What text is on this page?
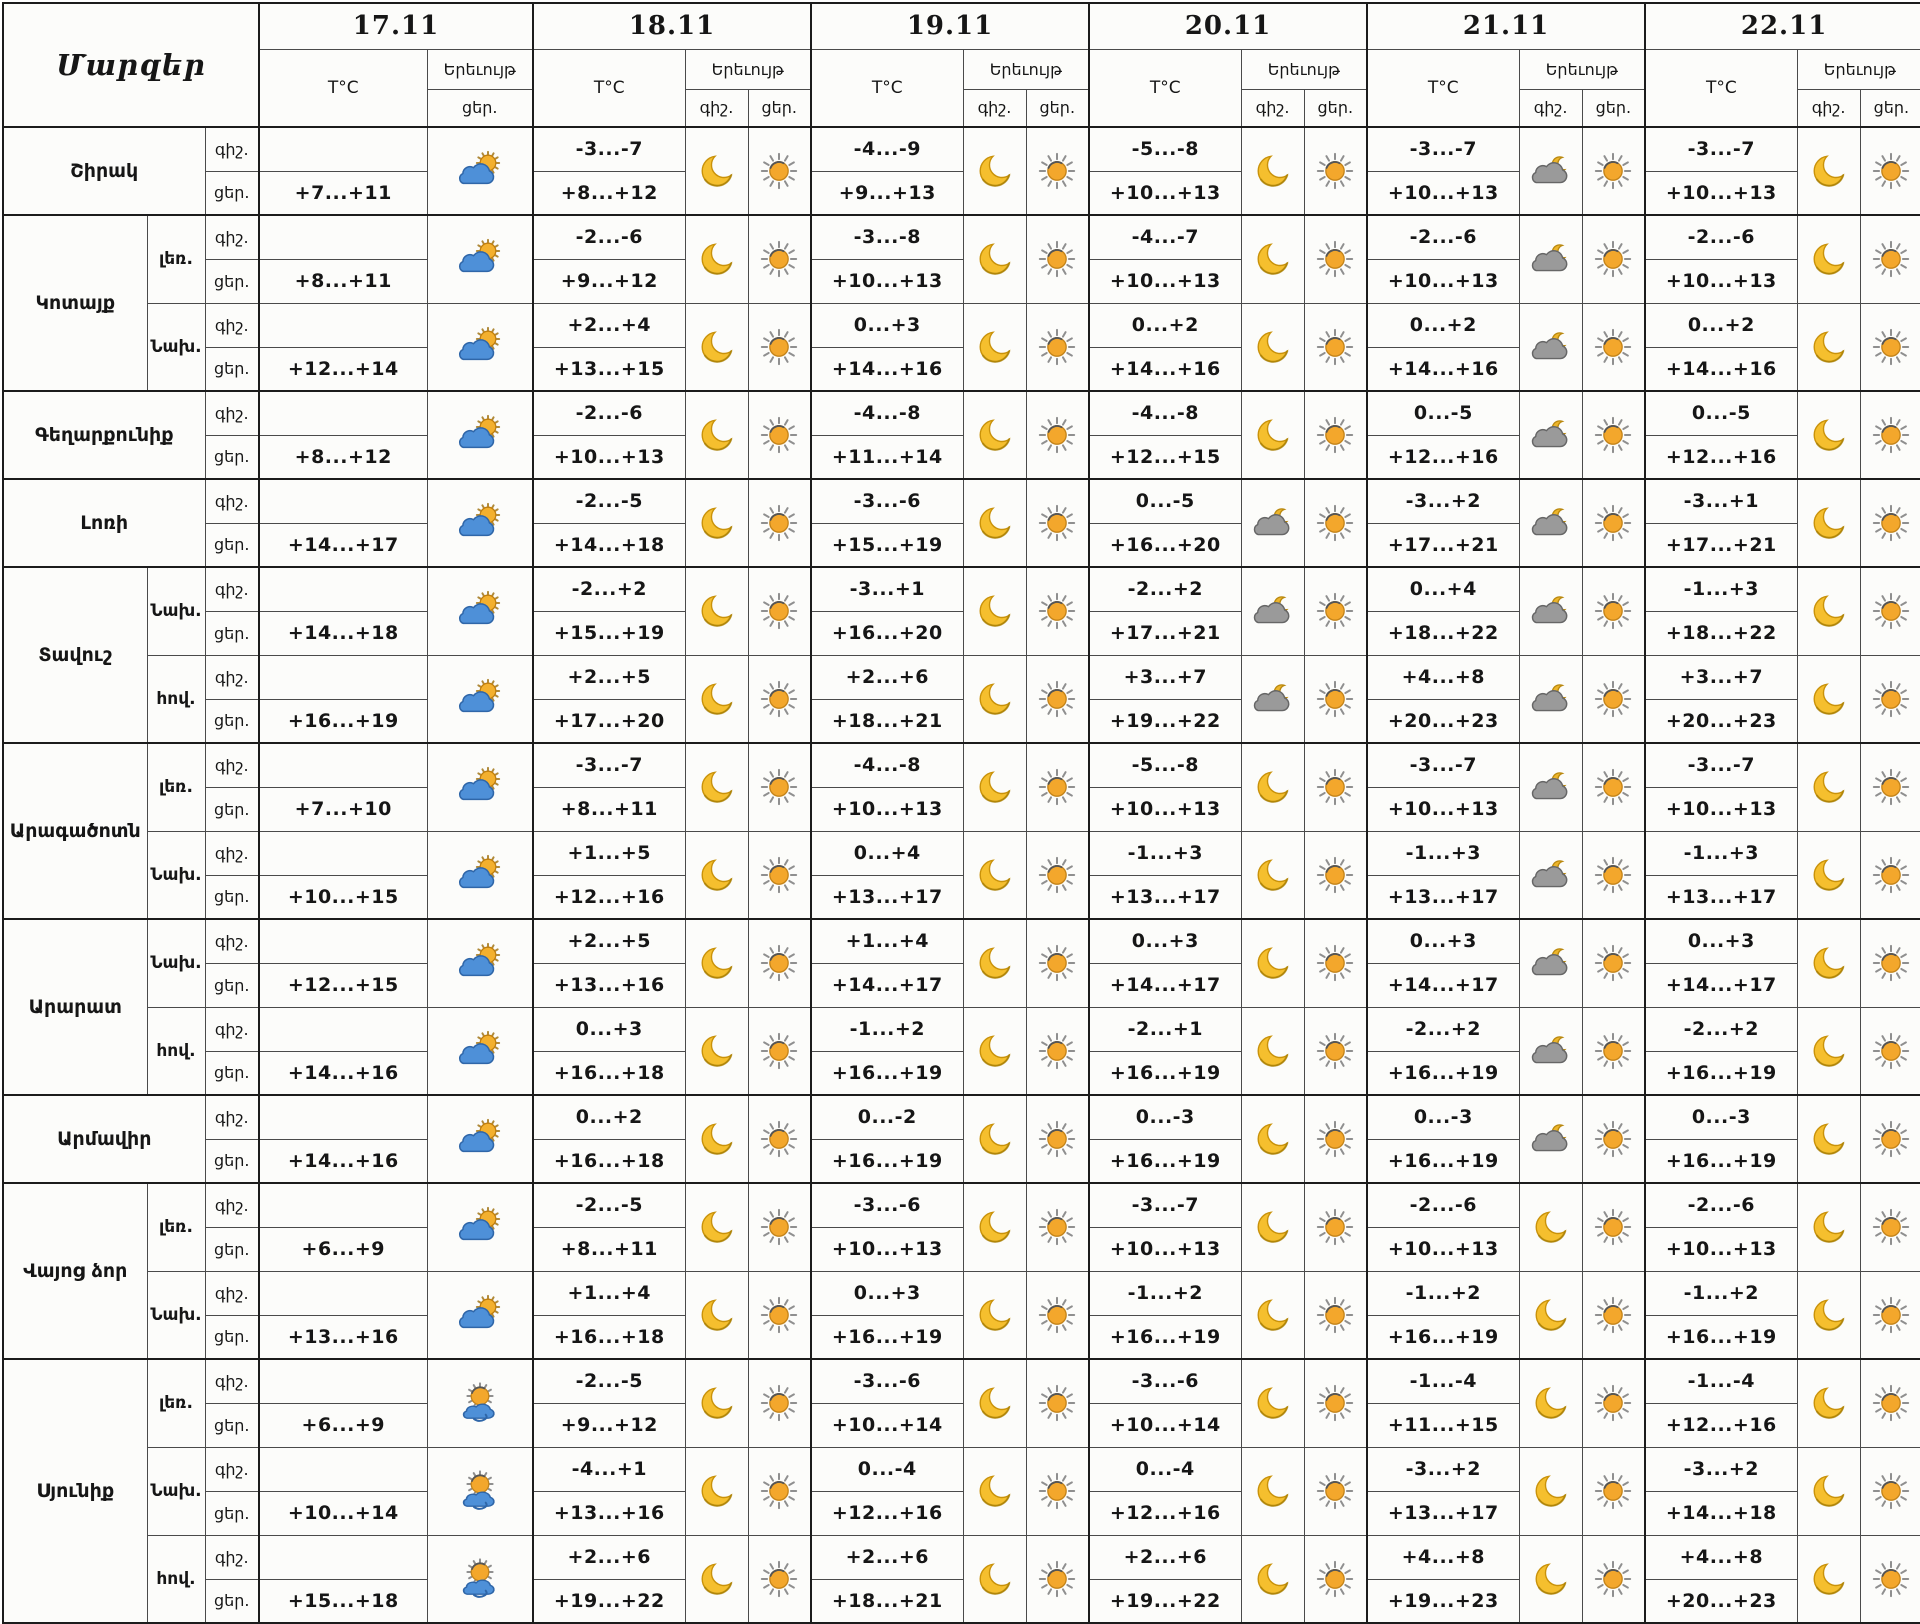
Մարզեր			17.11		18.11			19.11			20.11			21.11			22.11		
			T°C	Երեւույթ	T°C	Երեւույթ		T°C	Երեւույթ		T°C	Երեւույթ		T°C	Երեւույթ		T°C	Երեւույթ	
				ցեր.		գիշ.	ցեր.		գիշ.	ցեր.		գիշ.	ցեր.		գիշ.	ցեր.		գիշ.	ցեր.
Շիրակ		գիշ.			-3...-7			-4...-9			-5...-8			-3...-7			-3...-7	

		ցեր.	+7...+11		+8...+12			+9...+13			+10...+13			+10...+13			+10...+13		
Կոտայք	լեռ.	գիշ.			-2...-6			-3...-8			-4...-7			-2...-6			-2...-6	

		ցեր.	+8...+11		+9...+12			+10...+13			+10...+13			+10...+13			+10...+13		
	Նախ.	գիշ.			+2...+4			0...+3			0...+2			0...+2			0...+2	

		ցեր.	+12...+14		+13...+15			+14...+16			+14...+16			+14...+16			+14...+16		
Գեղարքունիք		գիշ.			-2...-6			-4...-8			-4...-8			0...-5			0...-5	

		ցեր.	+8...+12		+10...+13			+11...+14			+12...+15			+12...+16			+12...+16		
Լոռի		գիշ.			-2...-5			-3...-6			0...-5			-3...+2			-3...+1	

		ցեր.	+14...+17		+14...+18			+15...+19			+16...+20			+17...+21			+17...+21		
Տավուշ	Նախ.	գիշ.			-2...+2			-3...+1			-2...+2			0...+4			-1...+3	

		ցեր.	+14...+18		+15...+19			+16...+20			+17...+21			+18...+22			+18...+22		
	հով.	գիշ.			+2...+5			+2...+6			+3...+7			+4...+8			+3...+7	

		ցեր.	+16...+19		+17...+20			+18...+21			+19...+22			+20...+23			+20...+23		
Արագածոտն	լեռ.	գիշ.			-3...-7			-4...-8			-5...-8			-3...-7			-3...-7	

		ցեր.	+7...+10		+8...+11			+10...+13			+10...+13			+10...+13			+10...+13		
	Նախ.	գիշ.			+1...+5			0...+4			-1...+3			-1...+3			-1...+3	

		ցեր.	+10...+15		+12...+16			+13...+17			+13...+17			+13...+17			+13...+17		
Արարատ	Նախ.	գիշ.			+2...+5			+1...+4			0...+3			0...+3			0...+3	

		ցեր.	+12...+15		+13...+16			+14...+17			+14...+17			+14...+17			+14...+17		
	հով.	գիշ.			0...+3			-1...+2			-2...+1			-2...+2			-2...+2	

		ցեր.	+14...+16		+16...+18			+16...+19			+16...+19			+16...+19			+16...+19		
Արմավիր		գիշ.			0...+2			0...-2			0...-3			0...-3			0...-3	

		ցեր.	+14...+16		+16...+18			+16...+19			+16...+19			+16...+19			+16...+19		
Վայոց ձոր	լեռ.	գիշ.			-2...-5			-3...-6			-3...-7			-2...-6			-2...-6	

		ցեր.	+6...+9		+8...+11			+10...+13			+10...+13			+10...+13			+10...+13		
	Նախ.	գիշ.			+1...+4			0...+3			-1...+2			-1...+2			-1...+2	

		ցեր.	+13...+16		+16...+18			+16...+19			+16...+19			+16...+19			+16...+19		
Սյունիք	լեռ.	գիշ.			-2...-5			-3...-6			-3...-6			-1...-4			-1...-4	

		ցեր.	+6...+9		+9...+12			+10...+14			+10...+14			+11...+15			+12...+16		
	Նախ.	գիշ.			-4...+1			0...-4			0...-4			-3...+2			-3...+2	

		ցեր.	+10...+14		+13...+16			+12...+16			+12...+16			+13...+17			+14...+18		
	հով.	գիշ.			+2...+6			+2...+6			+2...+6			+4...+8			+4...+8	

		ցեր.	+15...+18		+19...+22			+18...+21			+19...+22			+19...+23			+20...+23		
